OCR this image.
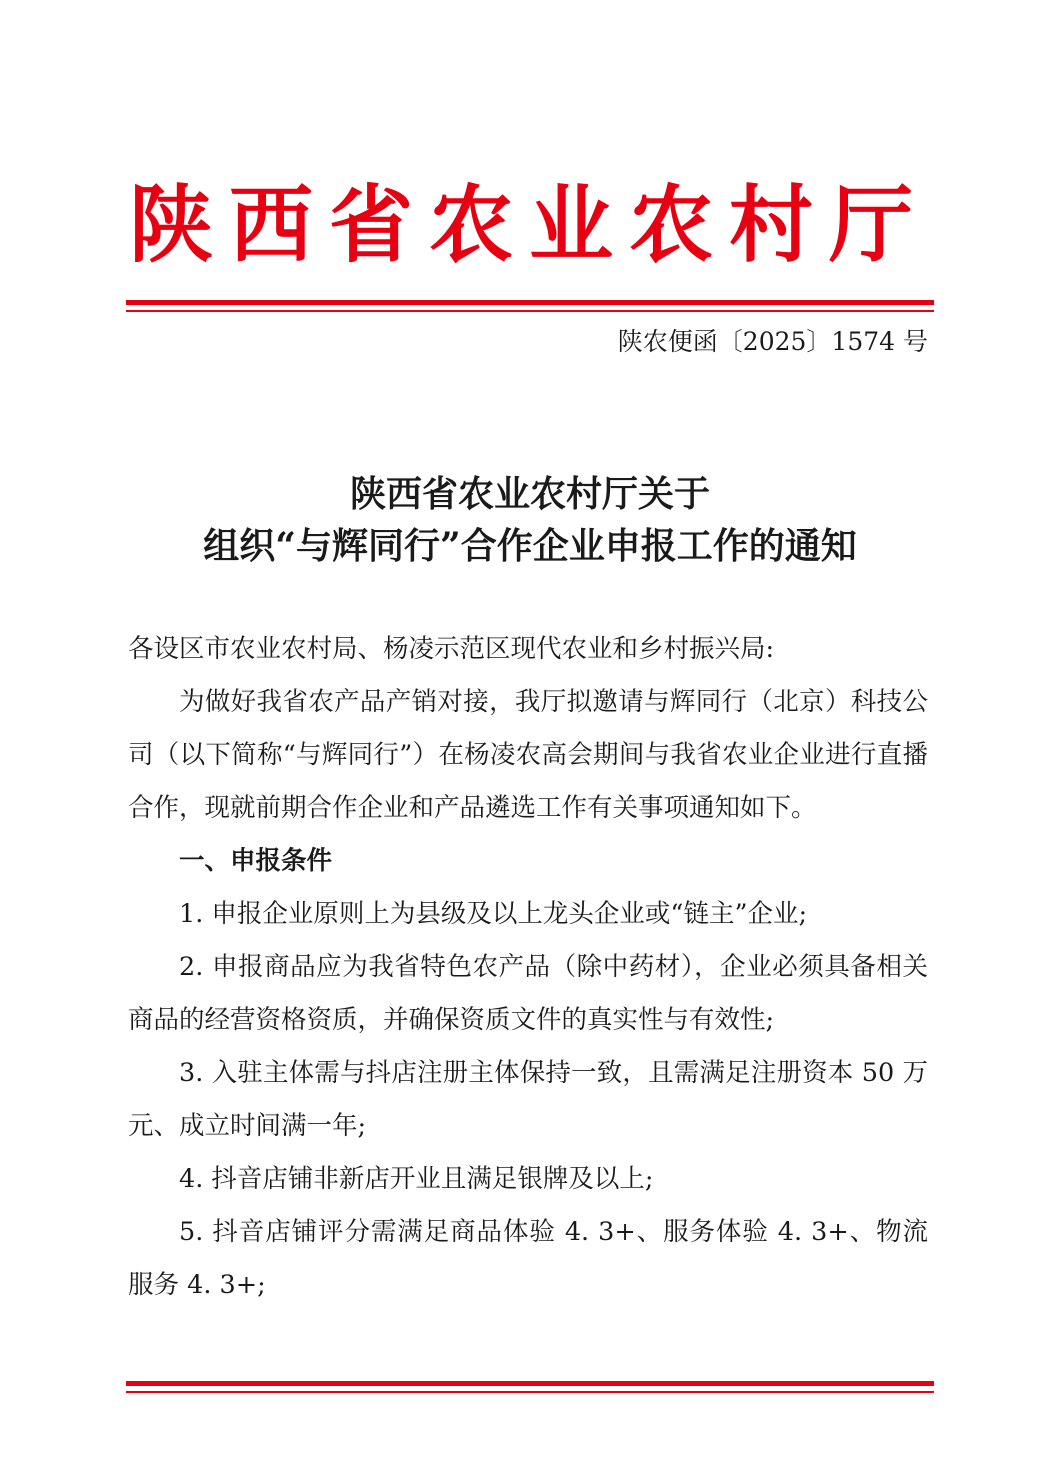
陕西省农业农村厅
陕农便函〔2025〕1574 号
陕西省农业农村厅关于
组织“与辉同行”合作企业申报工作的通知

各设区市农业农村局、杨凌示范区现代农业和乡村振兴局:

为做好我省农产品产销对接，我厅拟邀请与辉同行（北京）科技公司（以下简称“与辉同行”）在杨凌农高会期间与我省农业企业进行直播合作，现就前期合作企业和产品遴选工作有关事项通知如下。

一、申报条件

1. 申报企业原则上为县级及以上龙头企业或“链主”企业;

2. 申报商品应为我省特色农产品（除中药材），企业必须具备相关商品的经营资格资质，并确保资质文件的真实性与有效性;

3. 入驻主体需与抖店注册主体保持一致，且需满足注册资本 50 万元、成立时间满一年;

4. 抖音店铺非新店开业且满足银牌及以上;

5. 抖音店铺评分需满足商品体验 4. 3+、服务体验 4. 3+、物流服务 4. 3+;
